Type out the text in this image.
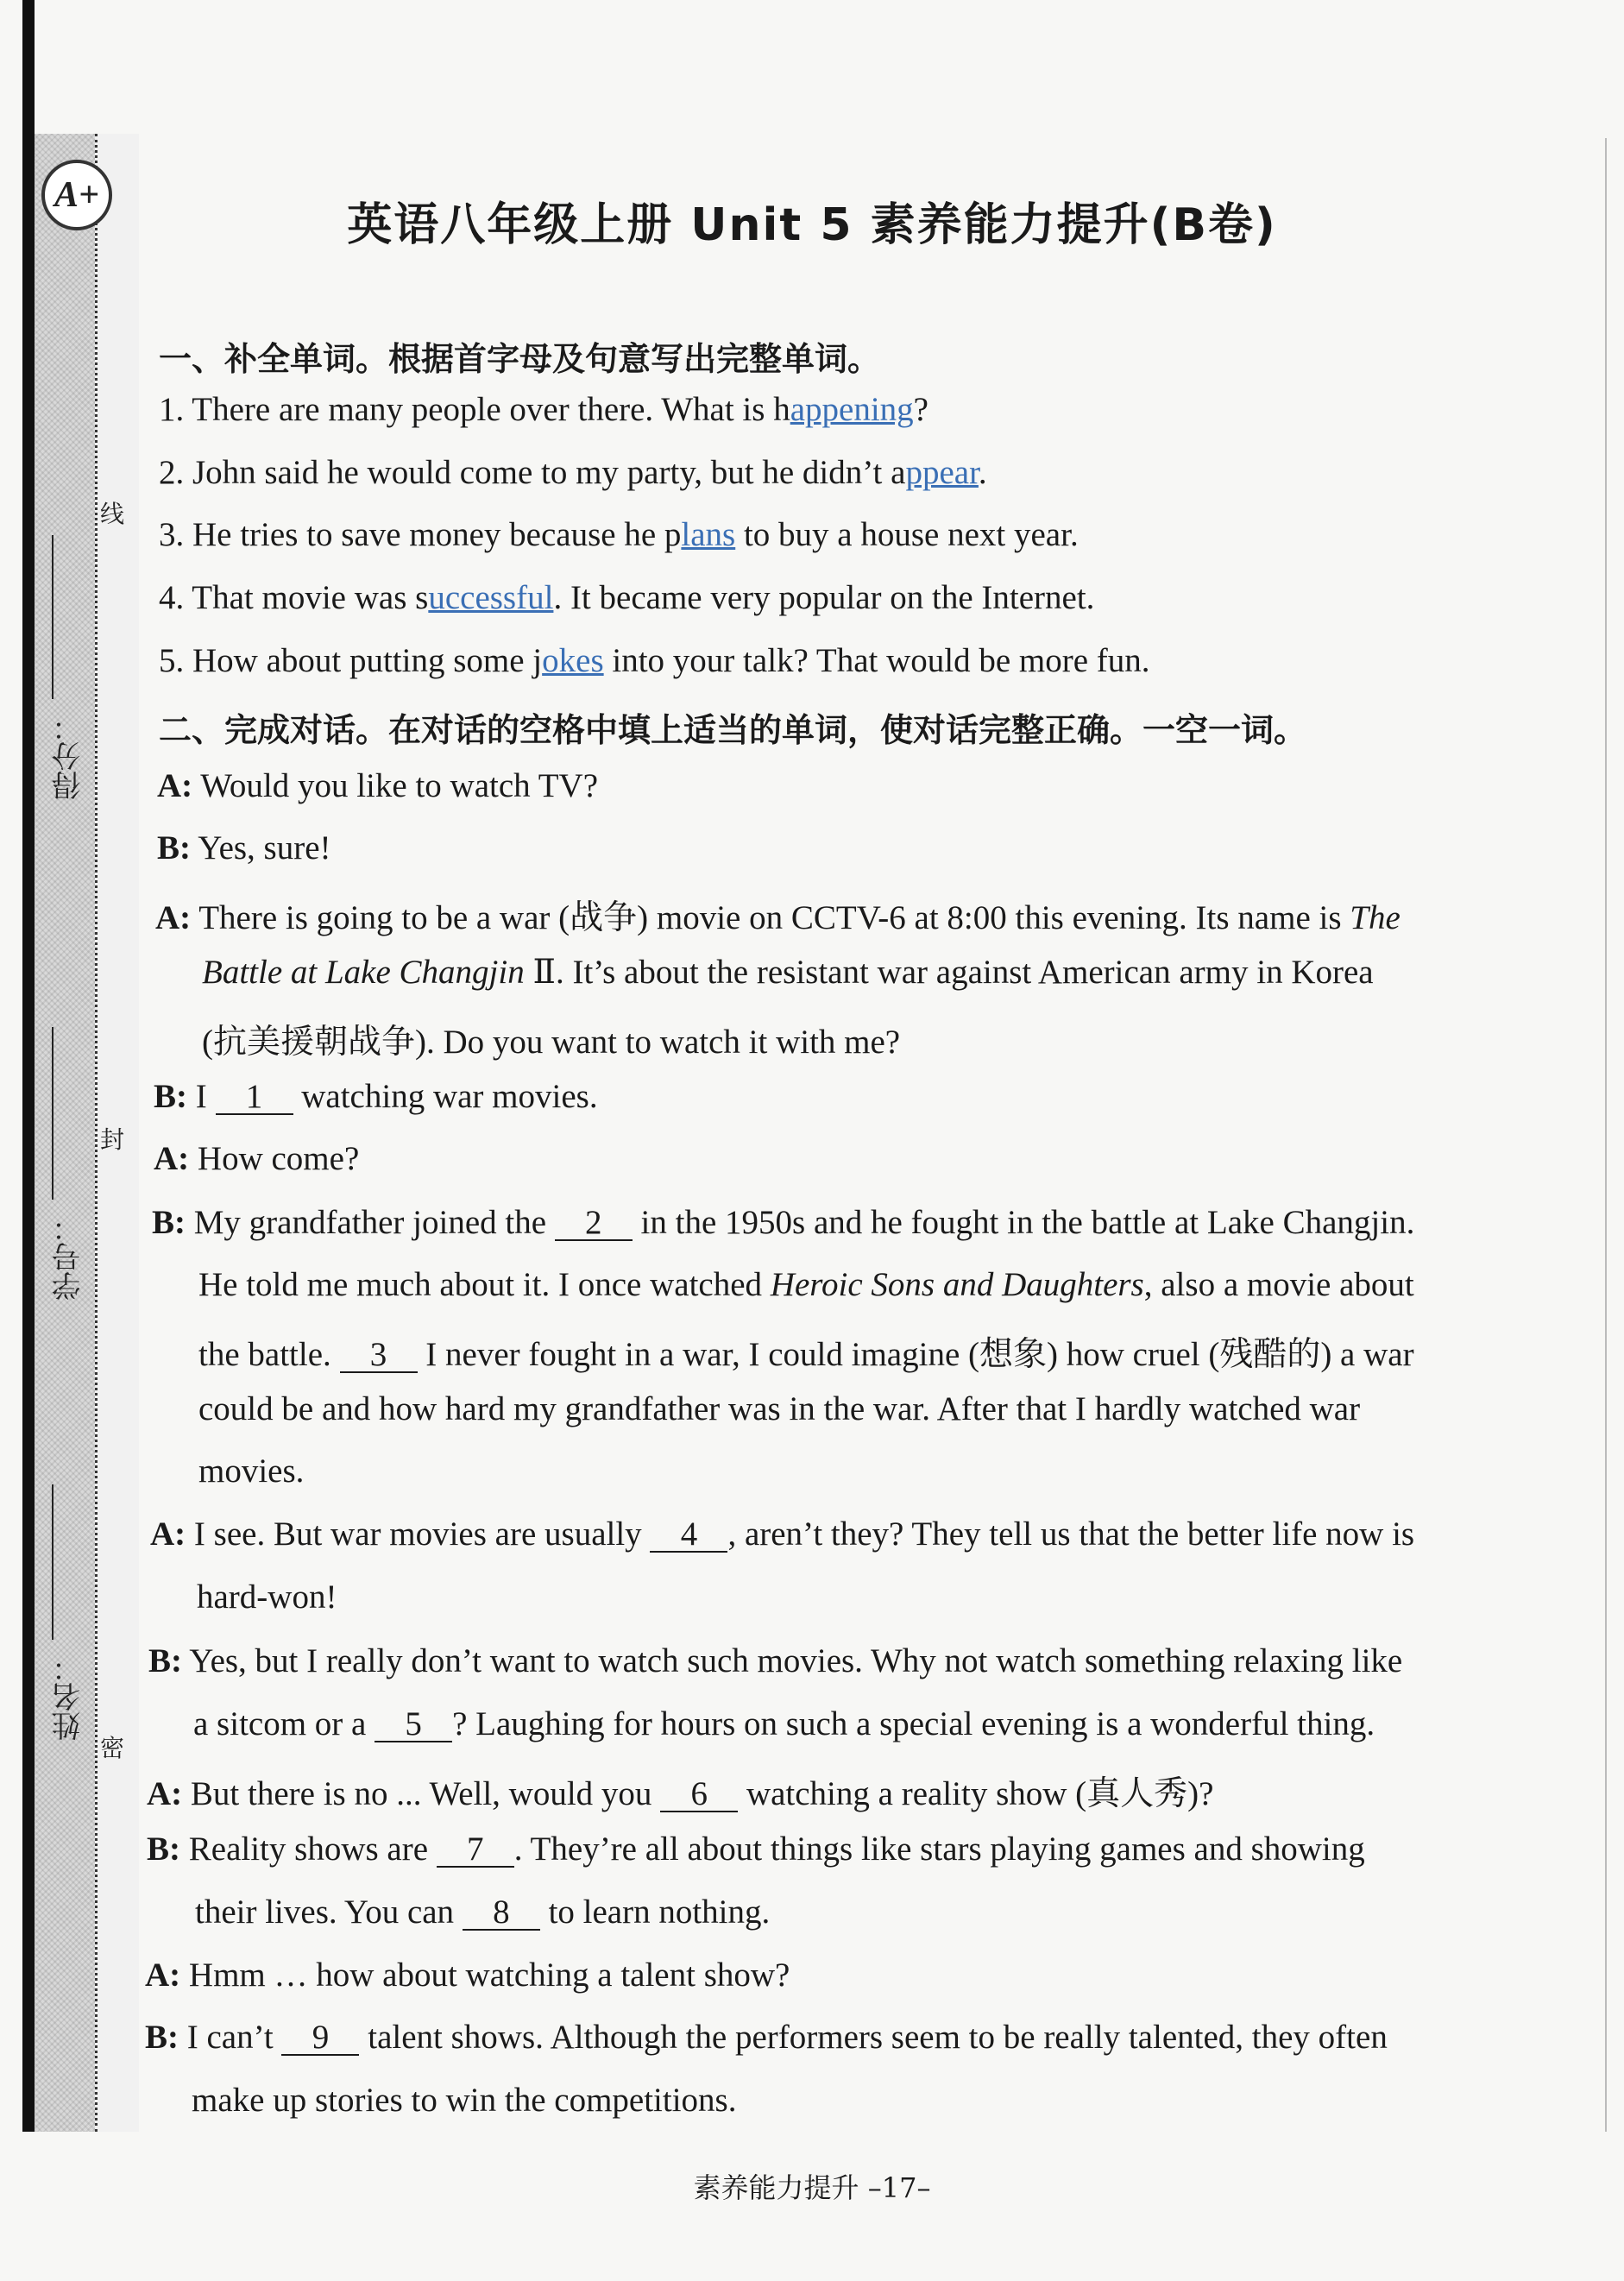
A+
得分：
学号：
姓名：
线
封
密
英语八年级上册 Unit 5 素养能力提升(B卷)
一、补全单词。根据首字母及句意写出完整单词。
1. There are many people over there. What is happening?
2. John said he would come to my party, but he didn’t appear.
3. He tries to save money because he plans to buy a house next year.
4. That movie was successful. It became very popular on the Internet.
5. How about putting some jokes into your talk? That would be more fun.
二、完成对话。在对话的空格中填上适当的单词，使对话完整正确。一空一词。
A: Would you like to watch TV?
B: Yes, sure!
A: There is going to be a war (战争) movie on CCTV-6 at 8:00 this evening. Its name is The
Battle at Lake Changjin Ⅱ. It’s about the resistant war against American army in Korea
(抗美援朝战争). Do you want to watch it with me?
B: I 1 watching war movies.
A: How come?
B: My grandfather joined the 2 in the 1950s and he fought in the battle at Lake Changjin.
He told me much about it. I once watched Heroic Sons and Daughters, also a movie about
the battle. 3 I never fought in a war, I could imagine (想象) how cruel (残酷的) a war
could be and how hard my grandfather was in the war. After that I hardly watched war
movies.
A: I see. But war movies are usually 4 , aren’t they? They tell us that the better life now is
hard-won!
B: Yes, but I really don’t want to watch such movies. Why not watch something relaxing like
a sitcom or a 5 ? Laughing for hours on such a special evening is a wonderful thing.
A: But there is no ... Well, would you 6 watching a reality show (真人秀)?
B: Reality shows are 7 . They’re all about things like stars playing games and showing
their lives. You can 8 to learn nothing.
A: Hmm … how about watching a talent show?
B: I can’t 9 talent shows. Although the performers seem to be really talented, they often
make up stories to win the competitions.
素养能力提升 –17–
